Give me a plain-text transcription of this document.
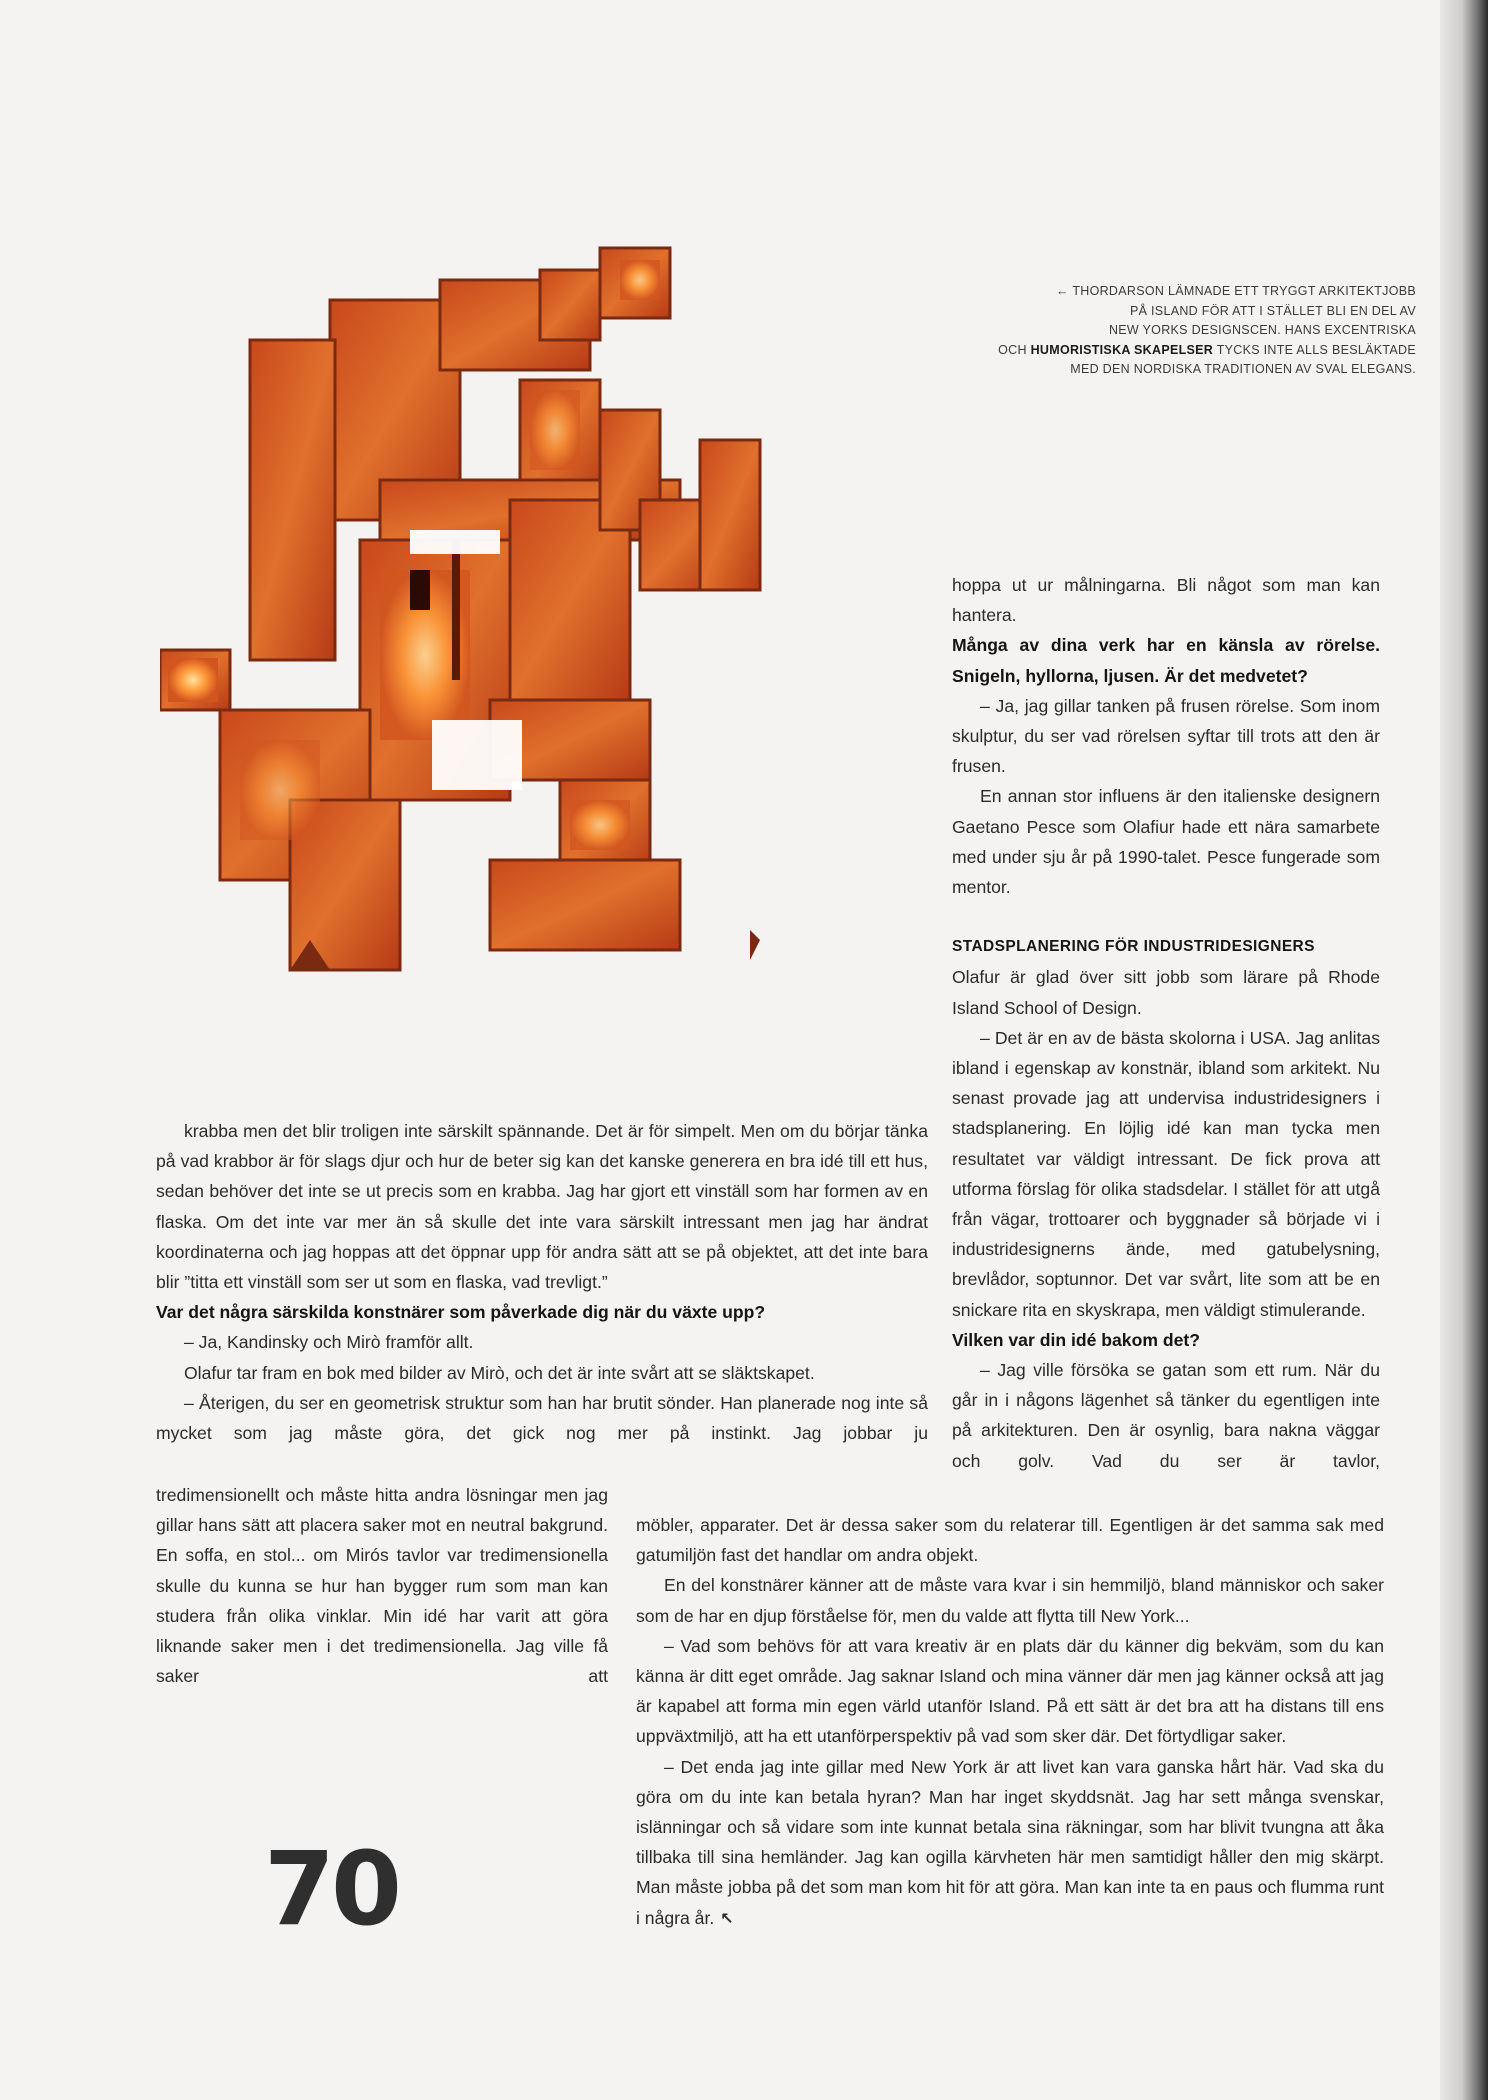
← THORDARSON LÄMNADE ETT TRYGGT ARKITEKTJOBB
PÅ ISLAND FÖR ATT I STÄLLET BLI EN DEL AV
NEW YORKS DESIGNSCEN. HANS EXCENTRISKA
OCH HUMORISTISKA SKAPELSER TYCKS INTE ALLS BESLÄKTADE
MED DEN NORDISKA TRADITIONEN AV SVAL ELEGANS.

hoppa ut ur målningarna. Bli något som man kan hantera.

Många av dina verk har en känsla av rörelse. Snigeln, hyllorna, ljusen. Är det medvetet?

– Ja, jag gillar tanken på frusen rörelse. Som inom skulptur, du ser vad rörelsen syftar till trots att den är frusen.

En annan stor influens är den italienske designern Gaetano Pesce som Olafiur hade ett nära samarbete med under sju år på 1990-talet. Pesce fungerade som mentor.

STADSPLANERING FÖR INDUSTRIDESIGNERS

Olafur är glad över sitt jobb som lärare på Rhode Island School of Design.

– Det är en av de bästa skolorna i USA. Jag anlitas ibland i egenskap av konstnär, ibland som arkitekt. Nu senast provade jag att undervisa industridesigners i stadsplanering. En löjlig idé kan man tycka men resultatet var väldigt intressant. De fick prova att utforma förslag för olika stadsdelar. I stället för att utgå från vägar, trottoarer och byggnader så började vi i industridesignerns ände, med gatubelysning, brevlådor, soptunnor. Det var svårt, lite som att be en snickare rita en skyskrapa, men väldigt stimulerande.

Vilken var din idé bakom det?

– Jag ville försöka se gatan som ett rum. När du går in i någons lägenhet så tänker du egentligen inte på arkitekturen. Den är osynlig, bara nakna väggar och golv. Vad du ser är tavlor,

krabba men det blir troligen inte särskilt spännande. Det är för simpelt. Men om du börjar tänka på vad krabbor är för slags djur och hur de beter sig kan det kanske generera en bra idé till ett hus, sedan behöver det inte se ut precis som en krabba. Jag har gjort ett vinställ som har formen av en flaska. Om det inte var mer än så skulle det inte vara särskilt intressant men jag har ändrat koordinaterna och jag hoppas att det öppnar upp för andra sätt att se på objektet, att det inte bara blir ”titta ett vinställ som ser ut som en flaska, vad trevligt.”

Var det några särskilda konstnärer som påverkade dig när du växte upp?

– Ja, Kandinsky och Mirò framför allt.

Olafur tar fram en bok med bilder av Mirò, och det är inte svårt att se släktskapet.

– Återigen, du ser en geometrisk struktur som han har brutit sönder. Han planerade nog inte så mycket som jag måste göra, det gick nog mer på instinkt. Jag jobbar ju

tredimensionellt och måste hitta andra lösningar men jag gillar hans sätt att placera saker mot en neutral bakgrund. En soffa, en stol... om Mirós tavlor var tredimensionella skulle du kunna se hur han bygger rum som man kan studera från olika vinklar. Min idé har varit att göra liknande saker men i det tredimensionella. Jag ville få saker att

möbler, apparater. Det är dessa saker som du relaterar till. Egentligen är det samma sak med gatumiljön fast det handlar om andra objekt.

En del konstnärer känner att de måste vara kvar i sin hemmiljö, bland människor och saker som de har en djup förståelse för, men du valde att flytta till New York...

– Vad som behövs för att vara kreativ är en plats där du känner dig bekväm, som du kan känna är ditt eget område. Jag saknar Island och mina vänner där men jag känner också att jag är kapabel att forma min egen värld utanför Island. På ett sätt är det bra att ha distans till ens uppväxtmiljö, att ha ett utanförperspektiv på vad som sker där. Det förtydligar saker.

– Det enda jag inte gillar med New York är att livet kan vara ganska hårt här. Vad ska du göra om du inte kan betala hyran? Man har inget skyddsnät. Jag har sett många svenskar, islänningar och så vidare som inte kunnat betala sina räkningar, som har blivit tvungna att åka tillbaka till sina hemländer. Jag kan ogilla kärvheten här men samtidigt håller den mig skärpt. Man måste jobba på det som man kom hit för att göra. Man kan inte ta en paus och flumma runt i några år. ↖

70
